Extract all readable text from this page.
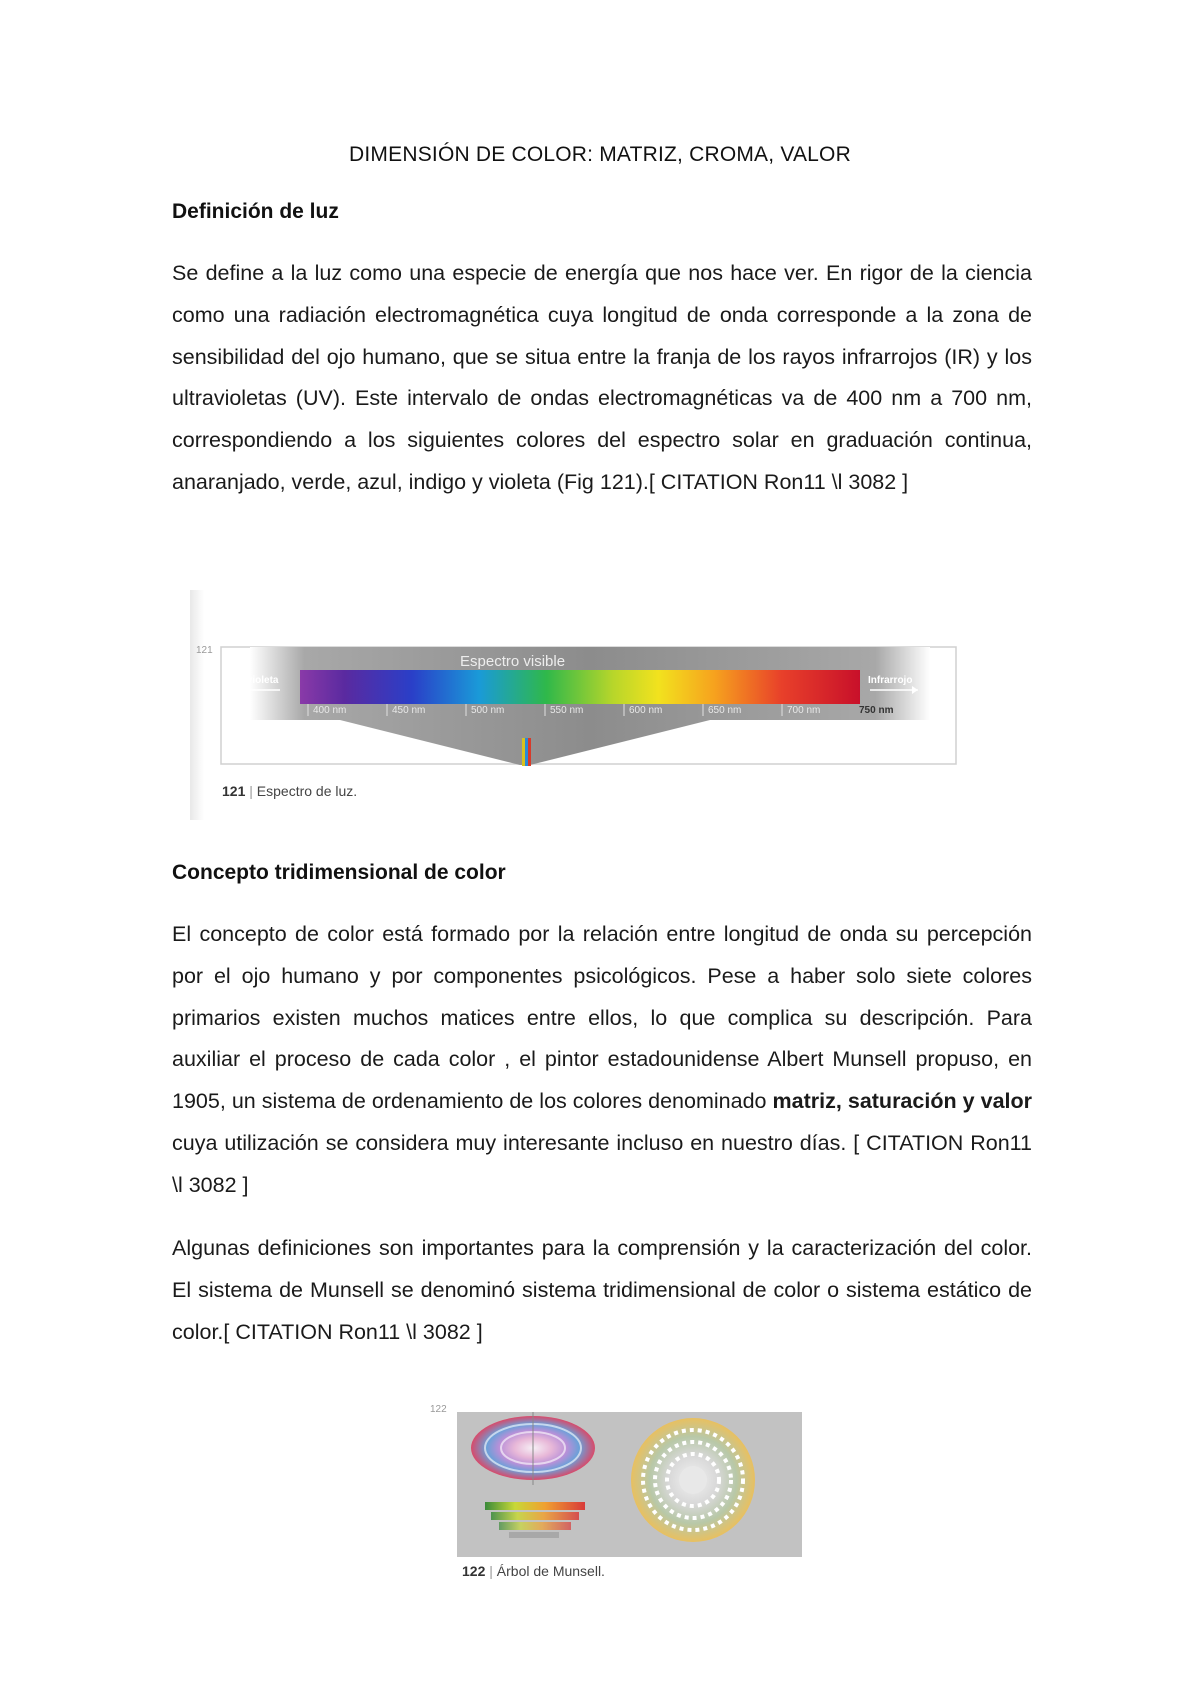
DIMENSIÓN DE COLOR: MATRIZ, CROMA, VALOR
Definición de luz
Se define a la luz como una especie de energía que nos hace ver. En rigor de la ciencia como una radiación electromagnética cuya longitud de onda corresponde a la zona de sensibilidad del ojo humano, que se situa entre la franja de los rayos infrarrojos (IR) y los ultravioletas (UV). Este intervalo de ondas electromagnéticas va de 400 nm a 700 nm, correspondiendo a los siguientes colores del espectro solar en graduación continua, anaranjado, verde, azul, indigo y violeta (Fig 121).[ CITATION Ron11 \l 3082 ]
121
Espectro visible
Ultravioleta	Infrarrojo
400 nm	450 nm	500 nm	550 nm	600 nm	650 nm	700 nm	750 nm
121 | Espectro de luz.
Concepto tridimensional de color
El concepto de color está formado por la relación entre longitud de onda su percepción por el ojo humano y por componentes psicológicos. Pese a haber solo siete colores primarios existen muchos matices entre ellos, lo que complica su descripción. Para auxiliar el proceso de cada color , el pintor estadounidense Albert Munsell propuso, en 1905, un sistema de ordenamiento de los colores denominado matriz, saturación y valor cuya utilización se considera muy interesante incluso en nuestro días. [ CITATION Ron11 \l 3082 ]
Algunas definiciones son importantes para la comprensión y la caracterización del color. El sistema de Munsell se denominó sistema tridimensional de color o sistema estático de color.[ CITATION Ron11 \l 3082 ]
122
122 | Árbol de Munsell.
